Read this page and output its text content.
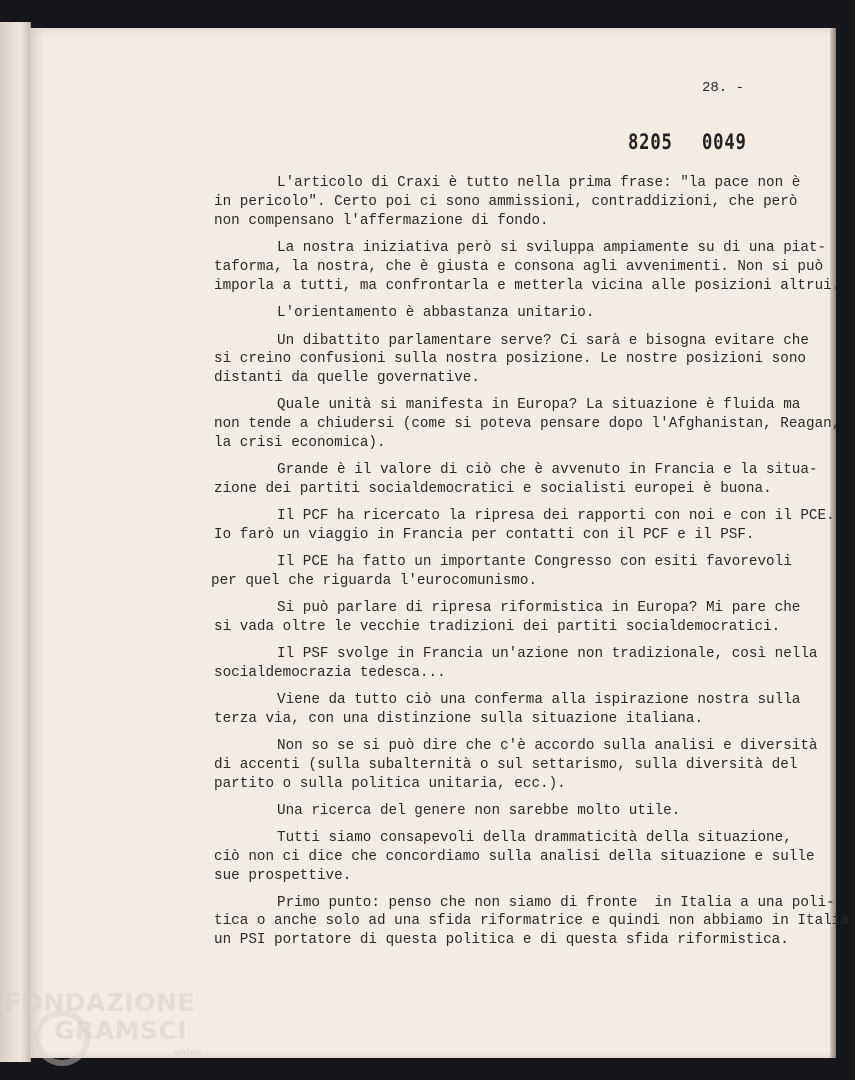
28. -
8205 0049
L'articolo di Craxi è tutto nella prima frase: "la pace non è
in pericolo". Certo poi ci sono ammissioni, contraddizioni, che però
non compensano l'affermazione di fondo.
La nostra iniziativa però si sviluppa ampiamente su di una piat-
taforma, la nostra, che è giusta e consona agli avvenimenti. Non si può
imporla a tutti, ma confrontarla e metterla vicina alle posizioni altrui.
L'orientamento è abbastanza unitario.
Un dibattito parlamentare serve? Ci sarà e bisogna evitare che
si creino confusioni sulla nostra posizione. Le nostre posizioni sono
distanti da quelle governative.
Quale unità si manifesta in Europa? La situazione è fluida ma
non tende a chiudersi (come si poteva pensare dopo l'Afghanistan, Reagan,
la crisi economica).
Grande è il valore di ciò che è avvenuto in Francia e la situa-
zione dei partiti socialdemocratici e socialisti europei è buona.
Il PCF ha ricercato la ripresa dei rapporti con noi e con il PCE.
Io farò un viaggio in Francia per contatti con il PCF e il PSF.
Il PCE ha fatto un importante Congresso con esiti favorevoli
per quel che riguarda l'eurocomunismo.
Si può parlare di ripresa riformistica in Europa? Mi pare che
si vada oltre le vecchie tradizioni dei partiti socialdemocratici.
Il PSF svolge in Francia un'azione non tradizionale, così nella
socialdemocrazia tedesca...
Viene da tutto ciò una conferma alla ispirazione nostra sulla
terza via, con una distinzione sulla situazione italiana.
Non so se si può dire che c'è accordo sulla analisi e diversità
di accenti (sulla subalternità o sul settarismo, sulla diversità del
partito o sulla politica unitaria, ecc.).
Una ricerca del genere non sarebbe molto utile.
Tutti siamo consapevoli della drammaticità della situazione,
ciò non ci dice che concordiamo sulla analisi della situazione e sulle
sue prospettive.
Primo punto: penso che non siamo di fronte  in Italia a una poli-
tica o anche solo ad una sfida riformatrice e quindi non abbiamo in Italia
un PSI portatore di questa politica e di questa sfida riformistica.
FONDAZIONE
GRAMSCI
onlus
